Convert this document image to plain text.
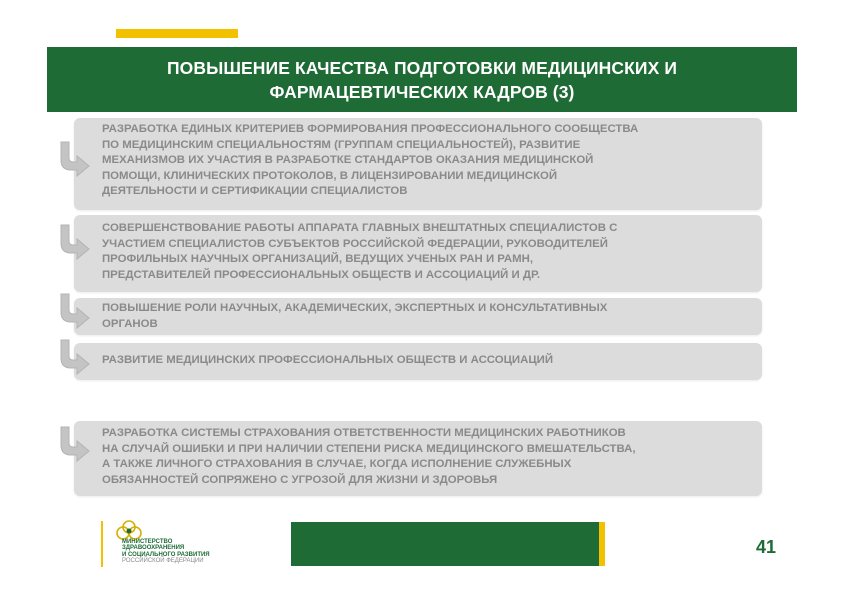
ПОВЫШЕНИЕ КАЧЕСТВА ПОДГОТОВКИ МЕДИЦИНСКИХ И
ФАРМАЦЕВТИЧЕСКИХ КАДРОВ (3)
РАЗРАБОТКА ЕДИНЫХ КРИТЕРИЕВ ФОРМИРОВАНИЯ ПРОФЕССИОНАЛЬНОГО СООБЩЕСТВА
ПО МЕДИЦИНСКИМ СПЕЦИАЛЬНОСТЯМ (ГРУППАМ СПЕЦИАЛЬНОСТЕЙ), РАЗВИТИЕ
МЕХАНИЗМОВ ИХ УЧАСТИЯ В РАЗРАБОТКЕ СТАНДАРТОВ ОКАЗАНИЯ МЕДИЦИНСКОЙ
ПОМОЩИ, КЛИНИЧЕСКИХ ПРОТОКОЛОВ, В ЛИЦЕНЗИРОВАНИИ МЕДИЦИНСКОЙ
ДЕЯТЕЛЬНОСТИ И СЕРТИФИКАЦИИ СПЕЦИАЛИСТОВ
СОВЕРШЕНСТВОВАНИЕ РАБОТЫ АППАРАТА ГЛАВНЫХ ВНЕШТАТНЫХ СПЕЦИАЛИСТОВ С
УЧАСТИЕМ СПЕЦИАЛИСТОВ СУБЪЕКТОВ РОССИЙСКОЙ ФЕДЕРАЦИИ, РУКОВОДИТЕЛЕЙ
ПРОФИЛЬНЫХ НАУЧНЫХ ОРГАНИЗАЦИЙ, ВЕДУЩИХ УЧЕНЫХ РАН И РАМН,
ПРЕДСТАВИТЕЛЕЙ ПРОФЕССИОНАЛЬНЫХ ОБЩЕСТВ И АССОЦИАЦИЙ И ДР.
ПОВЫШЕНИЕ РОЛИ НАУЧНЫХ, АКАДЕМИЧЕСКИХ, ЭКСПЕРТНЫХ И КОНСУЛЬТАТИВНЫХ
ОРГАНОВ
РАЗВИТИЕ МЕДИЦИНСКИХ ПРОФЕССИОНАЛЬНЫХ ОБЩЕСТВ И АССОЦИАЦИЙ
РАЗРАБОТКА СИСТЕМЫ СТРАХОВАНИЯ ОТВЕТСТВЕННОСТИ МЕДИЦИНСКИХ РАБОТНИКОВ
НА СЛУЧАЙ ОШИБКИ И ПРИ НАЛИЧИИ СТЕПЕНИ РИСКА МЕДИЦИНСКОГО ВМЕШАТЕЛЬСТВА,
А ТАКЖЕ ЛИЧНОГО СТРАХОВАНИЯ В СЛУЧАЕ, КОГДА ИСПОЛНЕНИЕ СЛУЖЕБНЫХ
ОБЯЗАННОСТЕЙ СОПРЯЖЕНО С УГРОЗОЙ ДЛЯ ЖИЗНИ И ЗДОРОВЬЯ
МИНИСТЕРСТВО
ЗДРАВООХРАНЕНИЯ
И СОЦИАЛЬНОГО РАЗВИТИЯ
РОССИЙСКОЙ ФЕДЕРАЦИИ
41
